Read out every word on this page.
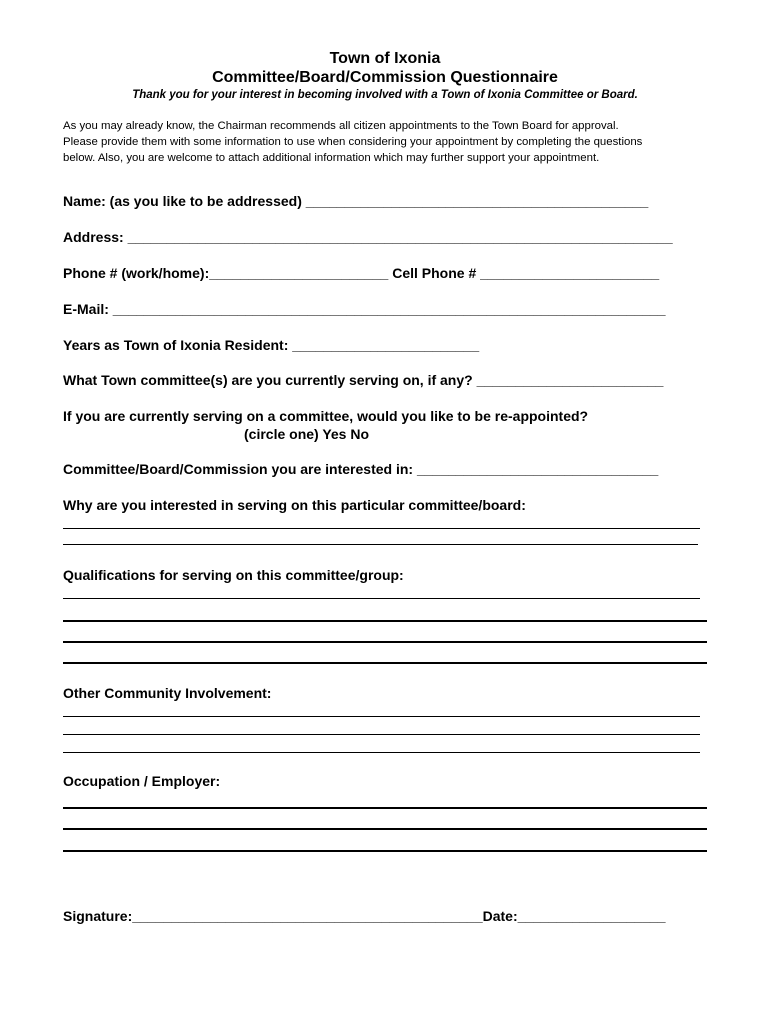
Town of Ixonia
Committee/Board/Commission Questionnaire
Thank you for your interest in becoming involved with a Town of Ixonia Committee or Board.
As you may already know, the Chairman recommends all citizen appointments to the Town Board for approval.
Please provide them with some information to use when considering your appointment by completing the questions
below. Also, you are welcome to attach additional information which may further support your appointment.
Name: (as you like to be addressed) ____________________________________________
Address: ______________________________________________________________________
Phone # (work/home):_______________________ Cell Phone # _______________________
E-Mail: _______________________________________________________________________
Years as Town of Ixonia Resident: ________________________
What Town committee(s) are you currently serving on, if any? ________________________
If you are currently serving on a committee, would you like to be re-appointed?
(circle one) Yes No
Committee/Board/Commission you are interested in: _______________________________
Why are you interested in serving on this particular committee/board:
Qualifications for serving on this committee/group:
Other Community Involvement:
Occupation / Employer:
Signature:_____________________________________________Date:___________________
